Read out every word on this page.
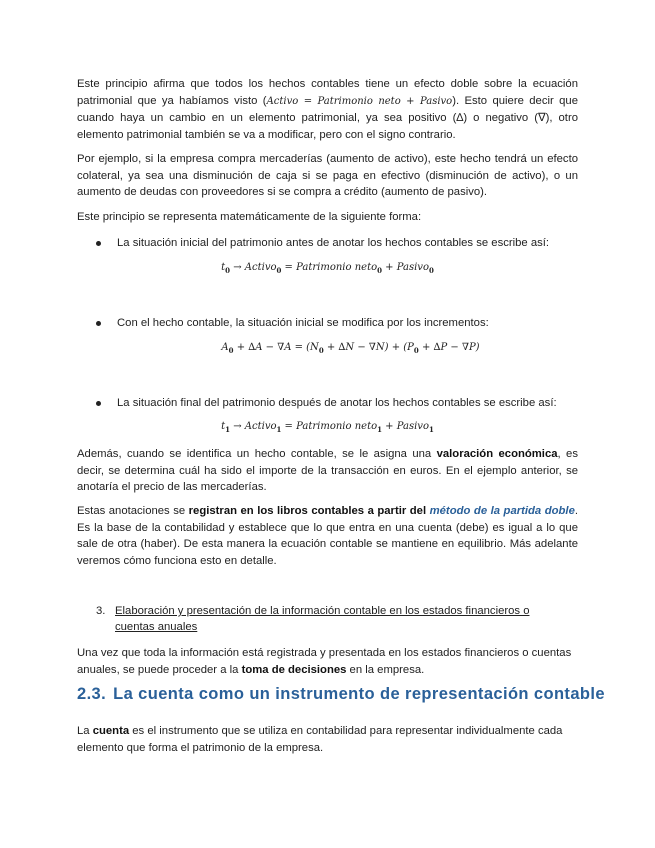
Este principio afirma que todos los hechos contables tiene un efecto doble sobre la ecuación patrimonial que ya habíamos visto (Activo = Patrimonio neto + Pasivo). Esto quiere decir que cuando haya un cambio en un elemento patrimonial, ya sea positivo (∆) o negativo (∇), otro elemento patrimonial también se va a modificar, pero con el signo contrario.

Por ejemplo, si la empresa compra mercaderías (aumento de activo), este hecho tendrá un efecto colateral, ya sea una disminución de caja si se paga en efectivo (disminución de activo), o un aumento de deudas con proveedores si se compra a crédito (aumento de pasivo).

Este principio se representa matemáticamente de la siguiente forma:

La situación inicial del patrimonio antes de anotar los hechos contables se escribe así:
$t_0$ → Activo$_0$ = Patrimonio neto$_0$ + Pasivo$_0$
Con el hecho contable, la situación inicial se modifica por los incrementos:
$A_0 + \Delta A - \nabla A = (N_0 + \Delta N - \nabla N) + (P_0 + \Delta P - \nabla P)$
La situación final del patrimonio después de anotar los hechos contables se escribe así:
$t_1$ → Activo$_1$ = Patrimonio neto$_1$ + Pasivo$_1$

Además, cuando se identifica un hecho contable, se le asigna una valoración económica, es decir, se determina cuál ha sido el importe de la transacción en euros. En el ejemplo anterior, se anotaría el precio de las mercaderías.

Estas anotaciones se registran en los libros contables a partir del método de la partida doble. Es la base de la contabilidad y establece que lo que entra en una cuenta (debe) es igual a lo que sale de otra (haber). De esta manera la ecuación contable se mantiene en equilibrio. Más adelante veremos cómo funciona esto en detalle.

3. Elaboración y presentación de la información contable en los estados financieros o cuentas anuales

Una vez que toda la información está registrada y presentada en los estados financieros o cuentas anuales, se puede proceder a la toma de decisiones en la empresa.

2.3. La cuenta como un instrumento de representación contable

La cuenta es el instrumento que se utiliza en contabilidad para representar individualmente cada elemento que forma el patrimonio de la empresa.
